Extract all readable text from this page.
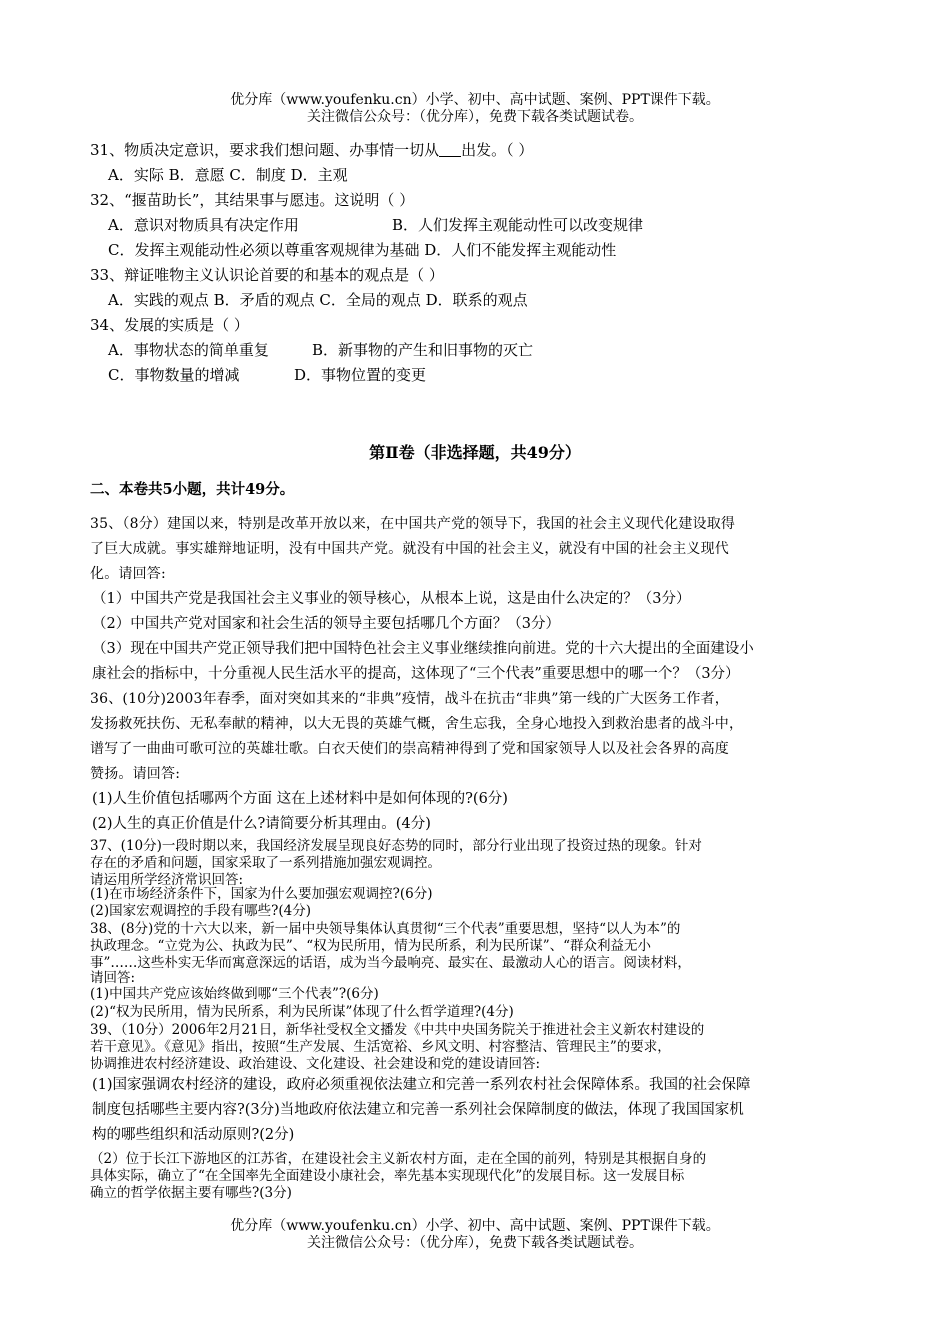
优分库（www.youfenku.cn）小学、初中、高中试题、案例、PPT课件下载。
关注微信公众号：（优分库），免费下载各类试题试卷。
31、物质决定意识，要求我们想问题、办事情一切从 出发。（ ）
A．实际 B．意愿 C．制度 D．主观
32、“揠苗助长”，其结果事与愿违。这说明（ ）
A．意识对物质具有决定作用	B．人们发挥主观能动性可以改变规律
C．发挥主观能动性必须以尊重客观规律为基础 D．人们不能发挥主观能动性
33、辩证唯物主义认识论首要的和基本的观点是（ ）
A．实践的观点 B．矛盾的观点 C．全局的观点 D．联系的观点
34、发展的实质是（ ）
A．事物状态的简单重复	B．新事物的产生和旧事物的灭亡
C．事物数量的增减	D．事物位置的变更
第Ⅱ卷（非选择题，共49分）
二、本卷共5小题，共计49分。
35、（8分）建国以来，特别是改革开放以来，在中国共产党的领导下，我国的社会主义现代化建设取得
了巨大成就。事实雄辩地证明，没有中国共产党。就没有中国的社会主义，就没有中国的社会主义现代
化。请回答:
（1）中国共产党是我国社会主义事业的领导核心，从根本上说，这是由什么决定的？（3分）
（2）中国共产党对国家和社会生活的领导主要包括哪几个方面？（3分）
（3）现在中国共产党正领导我们把中国特色社会主义事业继续推向前进。党的十六大提出的全面建设小
康社会的指标中，十分重视人民生活水平的提高，这体现了“三个代表”重要思想中的哪一个？（3分）
36、(10分)2003年春季，面对突如其来的“非典”疫情，战斗在抗击“非典”第一线的广大医务工作者，
发扬救死扶伤、无私奉献的精神，以大无畏的英雄气概，舍生忘我，全身心地投入到救治患者的战斗中，
谱写了一曲曲可歌可泣的英雄壮歌。白衣天使们的崇高精神得到了党和国家领导人以及社会各界的高度
赞扬。请回答:
(1)人生价值包括哪两个方面 这在上述材料中是如何体现的?(6分)
(2)人生的真正价值是什么?请简要分析其理由。(4分)
37、(10分)一段时期以来，我国经济发展呈现良好态势的同时，部分行业出现了投资过热的现象。针对
存在的矛盾和问题，国家采取了一系列措施加强宏观调控。
请运用所学经济常识回答:
(1)在市场经济条件下，国家为什么要加强宏观调控?(6分)
(2)国家宏观调控的手段有哪些?(4分)
38、(8分)党的十六大以来，新一届中央领导集体认真贯彻“三个代表”重要思想，坚持“以人为本”的
执政理念。“立党为公、执政为民”、“权为民所用，情为民所系，利为民所谋”、“群众利益无小
事”……这些朴实无华而寓意深远的话语，成为当今最响亮、最实在、最激动人心的语言。阅读材料，
请回答:
(1)中国共产党应该始终做到哪“三个代表”?(6分)
(2)“权为民所用，情为民所系，利为民所谋”体现了什么哲学道理?(4分)
39、（10分）2006年2月21日，新华社受权全文播发《中共中央国务院关于推进社会主义新农村建设的
若干意见》。《意见》指出，按照“生产发展、生活宽裕、乡风文明、村容整洁、管理民主”的要求，
协调推进农村经济建设、政治建设、文化建设、社会建设和党的建设请回答:
(1)国家强调农村经济的建设，政府必须重视依法建立和完善一系列农村社会保障体系。我国的社会保障
制度包括哪些主要内容?(3分)当地政府依法建立和完善一系列社会保障制度的做法，体现了我国国家机
构的哪些组织和活动原则?(2分)
（2）位于长江下游地区的江苏省，在建设社会主义新农村方面，走在全国的前列，特别是其根据自身的
具体实际，确立了“在全国率先全面建设小康社会，率先基本实现现代化”的发展目标。这一发展目标
确立的哲学依据主要有哪些?(3分)
优分库（www.youfenku.cn）小学、初中、高中试题、案例、PPT课件下载。
关注微信公众号：（优分库），免费下载各类试题试卷。
